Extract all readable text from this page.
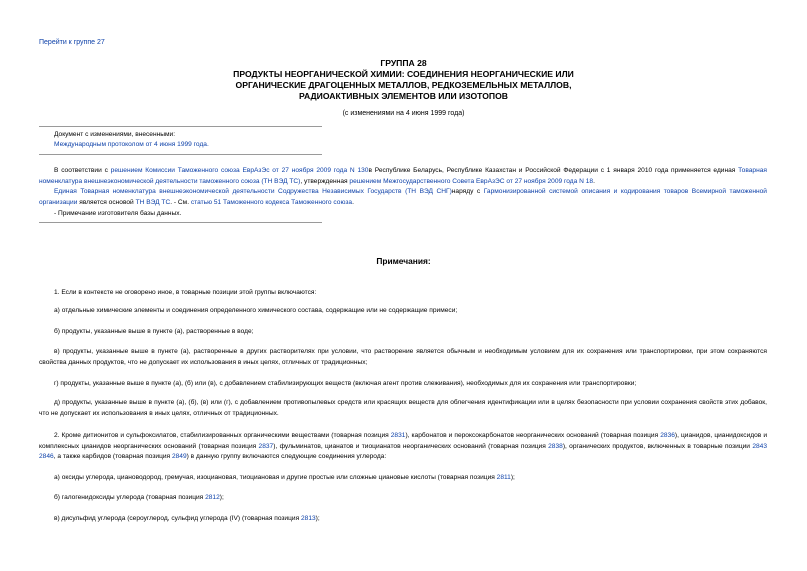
Перейти к группе 27
ГРУППА 28
ПРОДУКТЫ НЕОРГАНИЧЕСКОЙ ХИМИИ: СОЕДИНЕНИЯ НЕОРГАНИЧЕСКИЕ ИЛИ
ОРГАНИЧЕСКИЕ ДРАГОЦЕННЫХ МЕТАЛЛОВ, РЕДКОЗЕМЕЛЬНЫХ МЕТАЛЛОВ,
РАДИОАКТИВНЫХ ЭЛЕМЕНТОВ ИЛИ ИЗОТОПОВ
(с изменениями на 4 июня 1999 года)
Документ с изменениями, внесенными:
Международным протоколом от 4 июня 1999 года.
В соответствии с решением Комиссии Таможенного союза ЕврАзЭс от 27 ноября 2009 года N 130в Республике Беларусь, Республике Казахстан и Российской Федерации с 1 января 2010 года применяется единая Товарная номенклатура внешнеэкономической деятельности таможенного союза (ТН ВЭД ТС), утвержденная решением Межгосударственного Совета ЕврАзЭС от 27 ноября 2009 года N 18.
Единая Товарная номенклатура внешнеэкономической деятельности Содружества Независимых Государств (ТН ВЭД СНГ)наряду с Гармонизированной системой описания и кодирования товаров Всемирной таможенной организации является основой ТН ВЭД ТС. - См. статью 51 Таможенного кодекса Таможенного союза.
- Примечание изготовителя базы данных.
Примечания:
1. Если в контексте не оговорено иное, в товарные позиции этой группы включаются:
а) отдельные химические элементы и соединения определенного химического состава, содержащие или не содержащие примеси;
б) продукты, указанные выше в пункте (а), растворенные в воде;
в) продукты, указанные выше в пункте (а), растворенные в других растворителях при условии, что растворение является обычным и необходимым условием для их сохранения или транспортировки, при этом сохраняются свойства данных продуктов, что не допускает их использования в иных целях, отличных от традиционных;
г) продукты, указанные выше в пункте (а), (б) или (в), с добавлением стабилизирующих веществ (включая агент против слеживания), необходимых для их сохранения или транспортировки;
д) продукты, указанные выше в пункте (а), (б), (в) или (г), с добавлением противопылевых средств или красящих веществ для облегчения идентификации или в целях безопасности при условии сохранения свойств этих добавок, что не допускает их использования в иных целях, отличных от традиционных.
2. Кроме дитионитов и сульфоксилатов, стабилизированных органическими веществами (товарная позиция 2831), карбонатов и пероксокарбонатов неорганических оснований (товарная позиция 2836), цианидов, цианидоксидов и комплексных цианидов неорганических оснований (товарная позиция 2837), фульминатов, цианатов и тиоцианатов неорганических оснований (товарная позиция 2838), органических продуктов, включенных в товарные позиции 2843 2846, а также карбидов (товарная позиция 2849) в данную группу включаются следующие соединения углерода:
а) оксиды углерода, циановодород, гремучая, изоциановая, тиоциановая и другие простые или сложные циановые кислоты (товарная позиция 2811);
б) галогенидоксиды углерода (товарная позиция 2812);
в) дисульфид углерода (сероуглерод, сульфид углерода (IV) (товарная позиция 2813);
